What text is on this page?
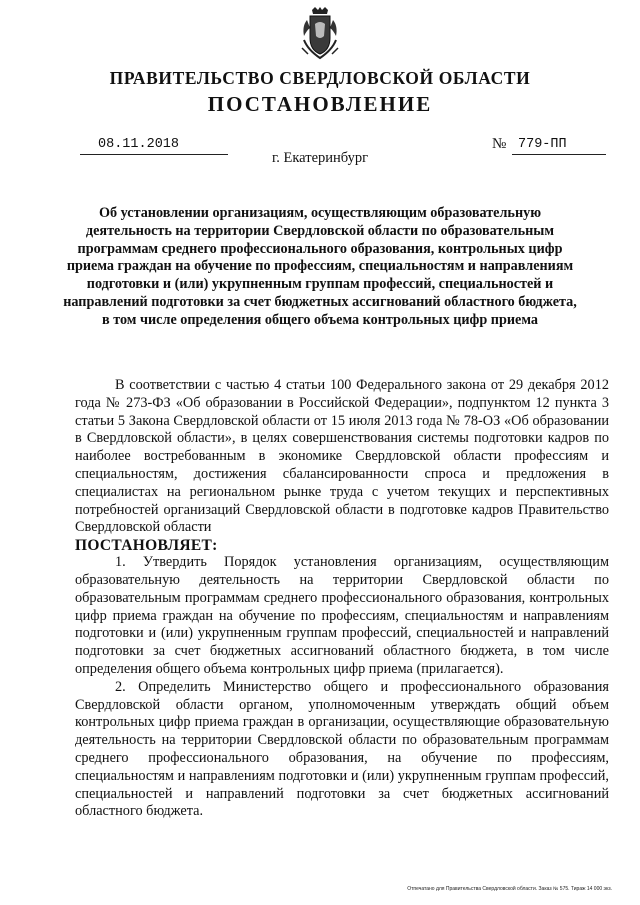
ПРАВИТЕЛЬСТВО СВЕРДЛОВСКОЙ ОБЛАСТИ
ПОСТАНОВЛЕНИЕ
08.11.2018	№ 779-ПП
г. Екатеринбург
Об установлении организациям, осуществляющим образовательную деятельность на территории Свердловской области по образовательным программам среднего профессионального образования, контрольных цифр приема граждан на обучение по профессиям, специальностям и направлениям подготовки и (или) укрупненным группам профессий, специальностей и направлений подготовки за счет бюджетных ассигнований областного бюджета, в том числе определения общего объема контрольных цифр приема

В соответствии с частью 4 статьи 100 Федерального закона от 29 декабря 2012 года № 273-ФЗ «Об образовании в Российской Федерации», подпунктом 12 пункта 3 статьи 5 Закона Свердловской области от 15 июля 2013 года № 78-ОЗ «Об образовании в Свердловской области», в целях совершенствования системы подготовки кадров по наиболее востребованным в экономике Свердловской области профессиям и специальностям, достижения сбалансированности спроса и предложения в специалистах на региональном рынке труда с учетом текущих и перспективных потребностей организаций Свердловской области в подготовке кадров Правительство Свердловской области

ПОСТАНОВЛЯЕТ:

1. Утвердить Порядок установления организациям, осуществляющим образовательную деятельность на территории Свердловской области по образовательным программам среднего профессионального образования, контрольных цифр приема граждан на обучение по профессиям, специальностям и направлениям подготовки и (или) укрупненным группам профессий, специальностей и направлений подготовки за счет бюджетных ассигнований областного бюджета, в том числе определения общего объема контрольных цифр приема (прилагается).

2. Определить Министерство общего и профессионального образования Свердловской области органом, уполномоченным утверждать общий объем контрольных цифр приема граждан в организации, осуществляющие образовательную деятельность на территории Свердловской области по образовательным программам среднего профессионального образования, на обучение по профессиям, специальностям и направлениям подготовки и (или) укрупненным группам профессий, специальностей и направлений подготовки за счет бюджетных ассигнований областного бюджета.

Отпечатано для Правительства Свердловской области. Заказ № 575. Тираж 14 000 экз.
